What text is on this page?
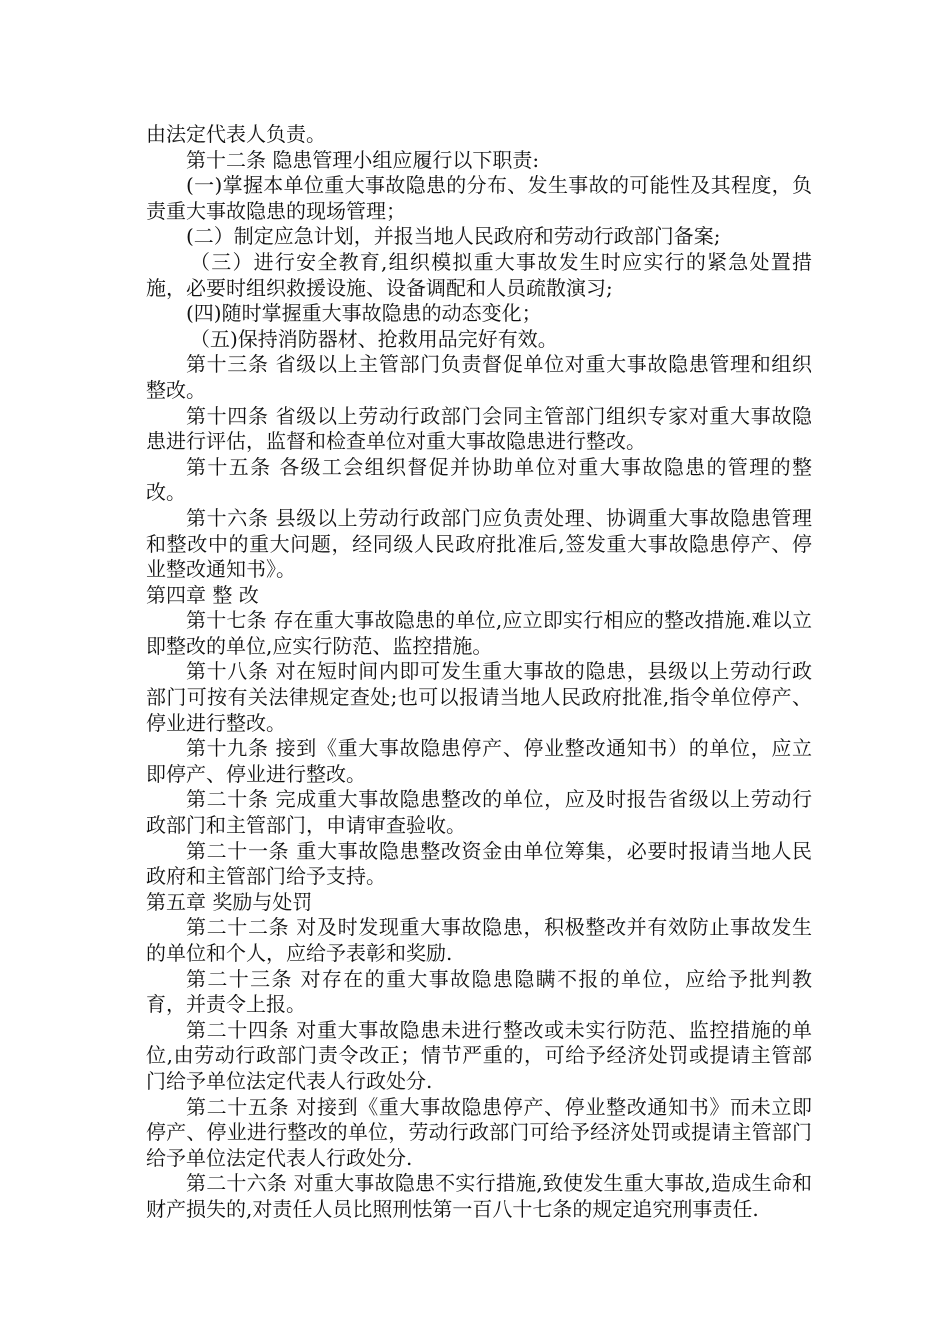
由法定代表人负责。

第十二条 隐患管理小组应履行以下职责:

(一)掌握本单位重大事故隐患的分布、发生事故的可能性及其程度，负责重大事故隐患的现场管理；

(二）制定应急计划，并报当地人民政府和劳动行政部门备案;

（三）进行安全教育,组织模拟重大事故发生时应实行的紧急处置措施，必要时组织救援设施、设备调配和人员疏散演习;

(四)随时掌握重大事故隐患的动态变化；

（五)保持消防器材、抢救用品完好有效。

第十三条 省级以上主管部门负责督促单位对重大事故隐患管理和组织整改。

第十四条 省级以上劳动行政部门会同主管部门组织专家对重大事故隐患进行评估，监督和检查单位对重大事故隐患进行整改。

第十五条 各级工会组织督促并协助单位对重大事故隐患的管理的整改。

第十六条 县级以上劳动行政部门应负责处理、协调重大事故隐患管理和整改中的重大问题，经同级人民政府批准后,签发重大事故隐患停产、停业整改通知书》。

第四章 整 改

第十七条 存在重大事故隐患的单位,应立即实行相应的整改措施.难以立即整改的单位,应实行防范、监控措施。

第十八条 对在短时间内即可发生重大事故的隐患，县级以上劳动行政部门可按有关法律规定查处;也可以报请当地人民政府批准,指令单位停产、停业进行整改。

第十九条 接到《重大事故隐患停产、停业整改通知书）的单位，应立即停产、停业进行整改。

第二十条 完成重大事故隐患整改的单位，应及时报告省级以上劳动行政部门和主管部门，申请审查验收。

第二十一条 重大事故隐患整改资金由单位筹集，必要时报请当地人民政府和主管部门给予支持。

第五章 奖励与处罚

第二十二条 对及时发现重大事故隐患，积极整改并有效防止事故发生的单位和个人，应给予表彰和奖励.

第二十三条 对存在的重大事故隐患隐瞒不报的单位，应给予批判教育，并责令上报。

第二十四条 对重大事故隐患未进行整改或未实行防范、监控措施的单位,由劳动行政部门责令改正；情节严重的，可给予经济处罚或提请主管部门给予单位法定代表人行政处分.

第二十五条 对接到《重大事故隐患停产、停业整改通知书》而未立即停产、停业进行整改的单位，劳动行政部门可给予经济处罚或提请主管部门给予单位法定代表人行政处分.

第二十六条 对重大事故隐患不实行措施,致使发生重大事故,造成生命和财产损失的,对责任人员比照刑怯第一百八十七条的规定追究刑事责任.
